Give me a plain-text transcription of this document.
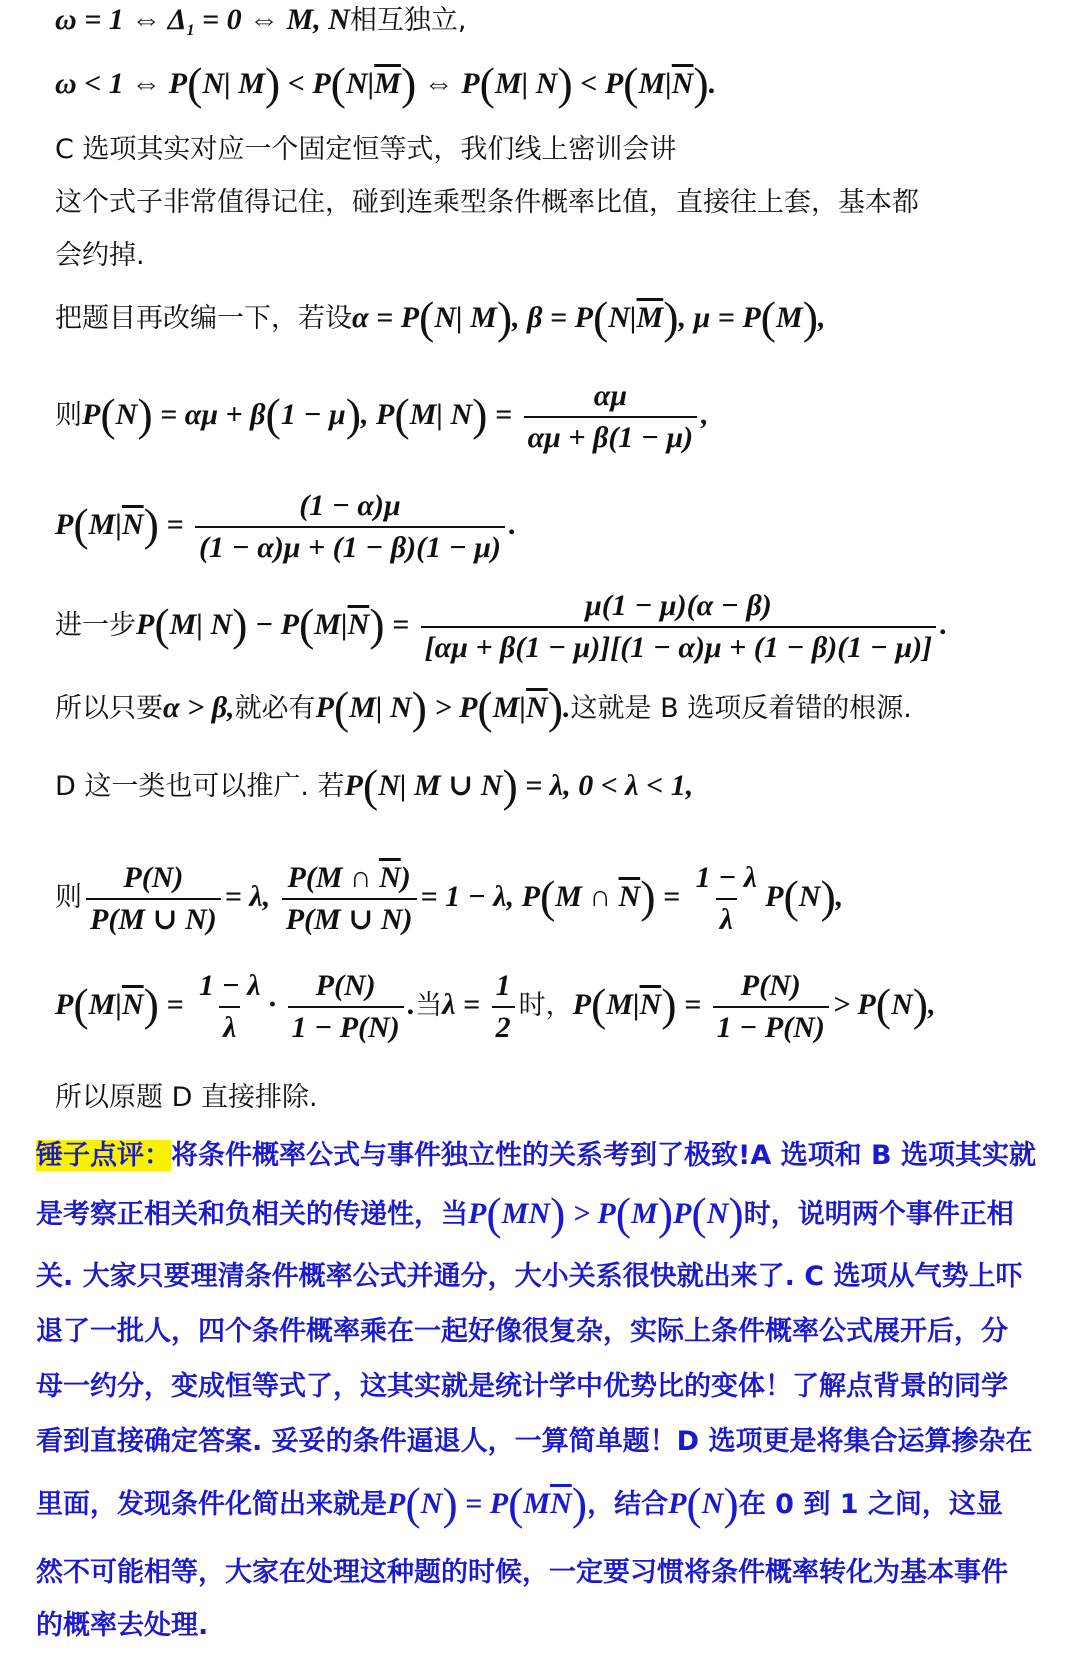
ω = 1 ⇔ $\Delta_1 = 0$ ⇔ M, N相互独立,
ω < 1 ⇔ P(N| $M) < P(N|\overline{M})$ ⇔ P(M| $N) < P(M|\overline{N})$.
C 选项其实对应一个固定恒等式，我们线上密训会讲
这个式子非常值得记住，碰到连乘型条件概率比值，直接往上套，基本都
会约掉.
把题目再改编一下，若设α = P(N| M), $\beta = P(N|\overline{M})$, μ = P(M),
则P(N) = αμ + β(1 − μ), P(M| $N) = \frac{\alpha\mu}{\alpha\mu + \beta(1 - \mu)}$ ,
$P(M|\overline{N}) = \frac{(1 - \alpha)\mu}{(1 - \alpha)\mu + (1 - \beta)(1 - \mu)}$ .
进一步P(M| $N) - P(M|\overline{N}) = \frac{\mu(1 - \mu)(\alpha - \beta)}{[\alpha\mu + \beta(1 - \mu)][(1 - \alpha)\mu + (1 - \beta)(1 - \mu)]}$ .
所以只要α > β,就必有P(M| $N) > P(M|\overline{N})$.这就是 B 选项反着错的根源.
D 这一类也可以推广. 若P(N| M ∪ N) = λ, 0 < λ < 1,
则 $\frac{P(N)}{P(M \cup N)} = \lambda$, $\frac{P(M \cap \overline{N})}{P(M \cup N)} = 1 - \lambda$, P(M ∩ $\overline{N}) = \frac{1 - \lambda}{\lambda} P(N)$,
$P(M|\overline{N}) = \frac{1 - \lambda}{\lambda} \cdot \frac{P(N)}{1 - P(N)}$ .当$\lambda = \frac{1}{2}$ 时，$P(M|\overline{N}) = \frac{P(N)}{1 - P(N)} > P(N)$,
所以原题 D 直接排除.
锤子点评：将条件概率公式与事件独立性的关系考到了极致!A 选项和 B 选项其实就
是考察正相关和负相关的传递性，当P(MN) > P(M)P(N)时，说明两个事件正相
关. 大家只要理清条件概率公式并通分，大小关系很快就出来了. C 选项从气势上吓
退了一批人，四个条件概率乘在一起好像很复杂，实际上条件概率公式展开后，分
母一约分，变成恒等式了，这其实就是统计学中优势比的变体！了解点背景的同学
看到直接确定答案. 妥妥的条件逼退人，一算简单题！D 选项更是将集合运算掺杂在
里面，发现条件化简出来就是$P(N) = P(M\overline{N})$，结合P(N)在 0 到 1 之间，这显
然不可能相等，大家在处理这种题的时候，一定要习惯将条件概率转化为基本事件
的概率去处理.
